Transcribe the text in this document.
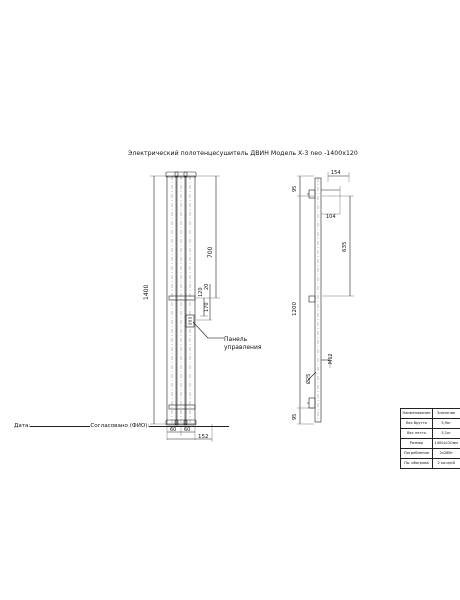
Электрический полотенцесушитель ДВИН Модель X-3 neo -1400x120
1400
700
120
20
170
60 60
152
Панель
управления
95
154
104
635
1200
M12
Ø25
95
Дата:	Согласовано (ФИО):
Наименование	Значение
Вес брутто	5,9кг
Вес нетто	5,1кг
Размер	1400x120мм
Потребление	2x28Вт
По. обогрева	2 кв.м/кВ
